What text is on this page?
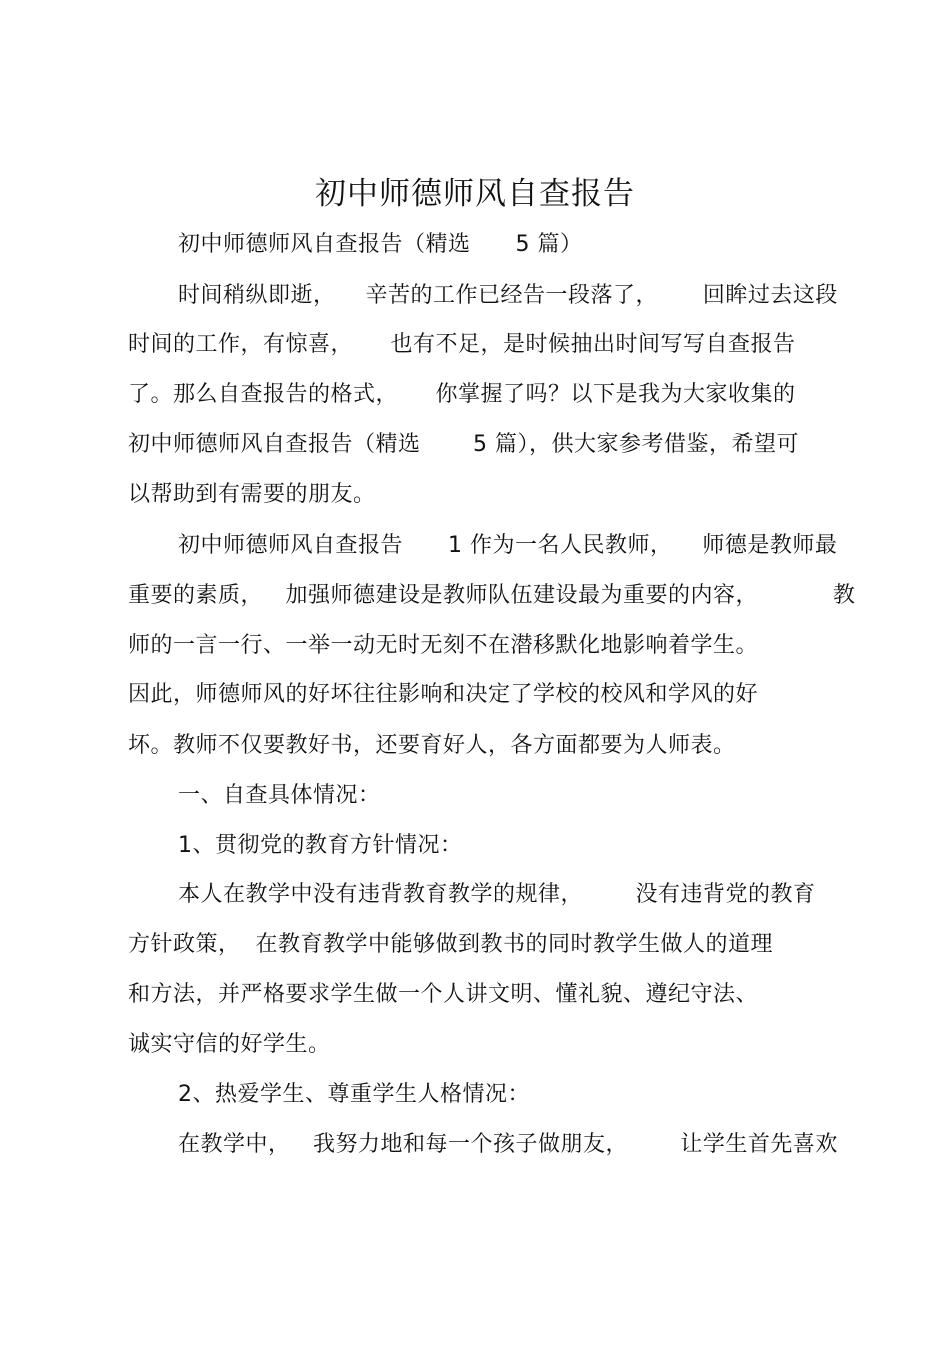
初中师德师风自查报告
初中师德师风自查报告（精选      5 篇）
时间稍纵即逝，    辛苦的工作已经告一段落了，      回眸过去这段
时间的工作，有惊喜，     也有不足，是时候抽出时间写写自查报告
了。那么自查报告的格式，     你掌握了吗？以下是我为大家收集的
初中师德师风自查报告（精选       5 篇），供大家参考借鉴，希望可
以帮助到有需要的朋友。
初中师德师风自查报告      1 作为一名人民教师，    师德是教师最
重要的素质，   加强师德建设是教师队伍建设最为重要的内容，          教
师的一言一行、一举一动无时无刻不在潜移默化地影响着学生。
因此，师德师风的好坏往往影响和决定了学校的校风和学风的好
坏。教师不仅要教好书，还要育好人，各方面都要为人师表。
一、自查具体情况：
1、贯彻党的教育方针情况：
本人在教学中没有违背教育教学的规律，       没有违背党的教育
方针政策，  在教育教学中能够做到教书的同时教学生做人的道理
和方法，并严格要求学生做一个人讲文明、懂礼貌、遵纪守法、
诚实守信的好学生。
2、热爱学生、尊重学生人格情况：
在教学中，   我努力地和每一个孩子做朋友，       让学生首先喜欢
